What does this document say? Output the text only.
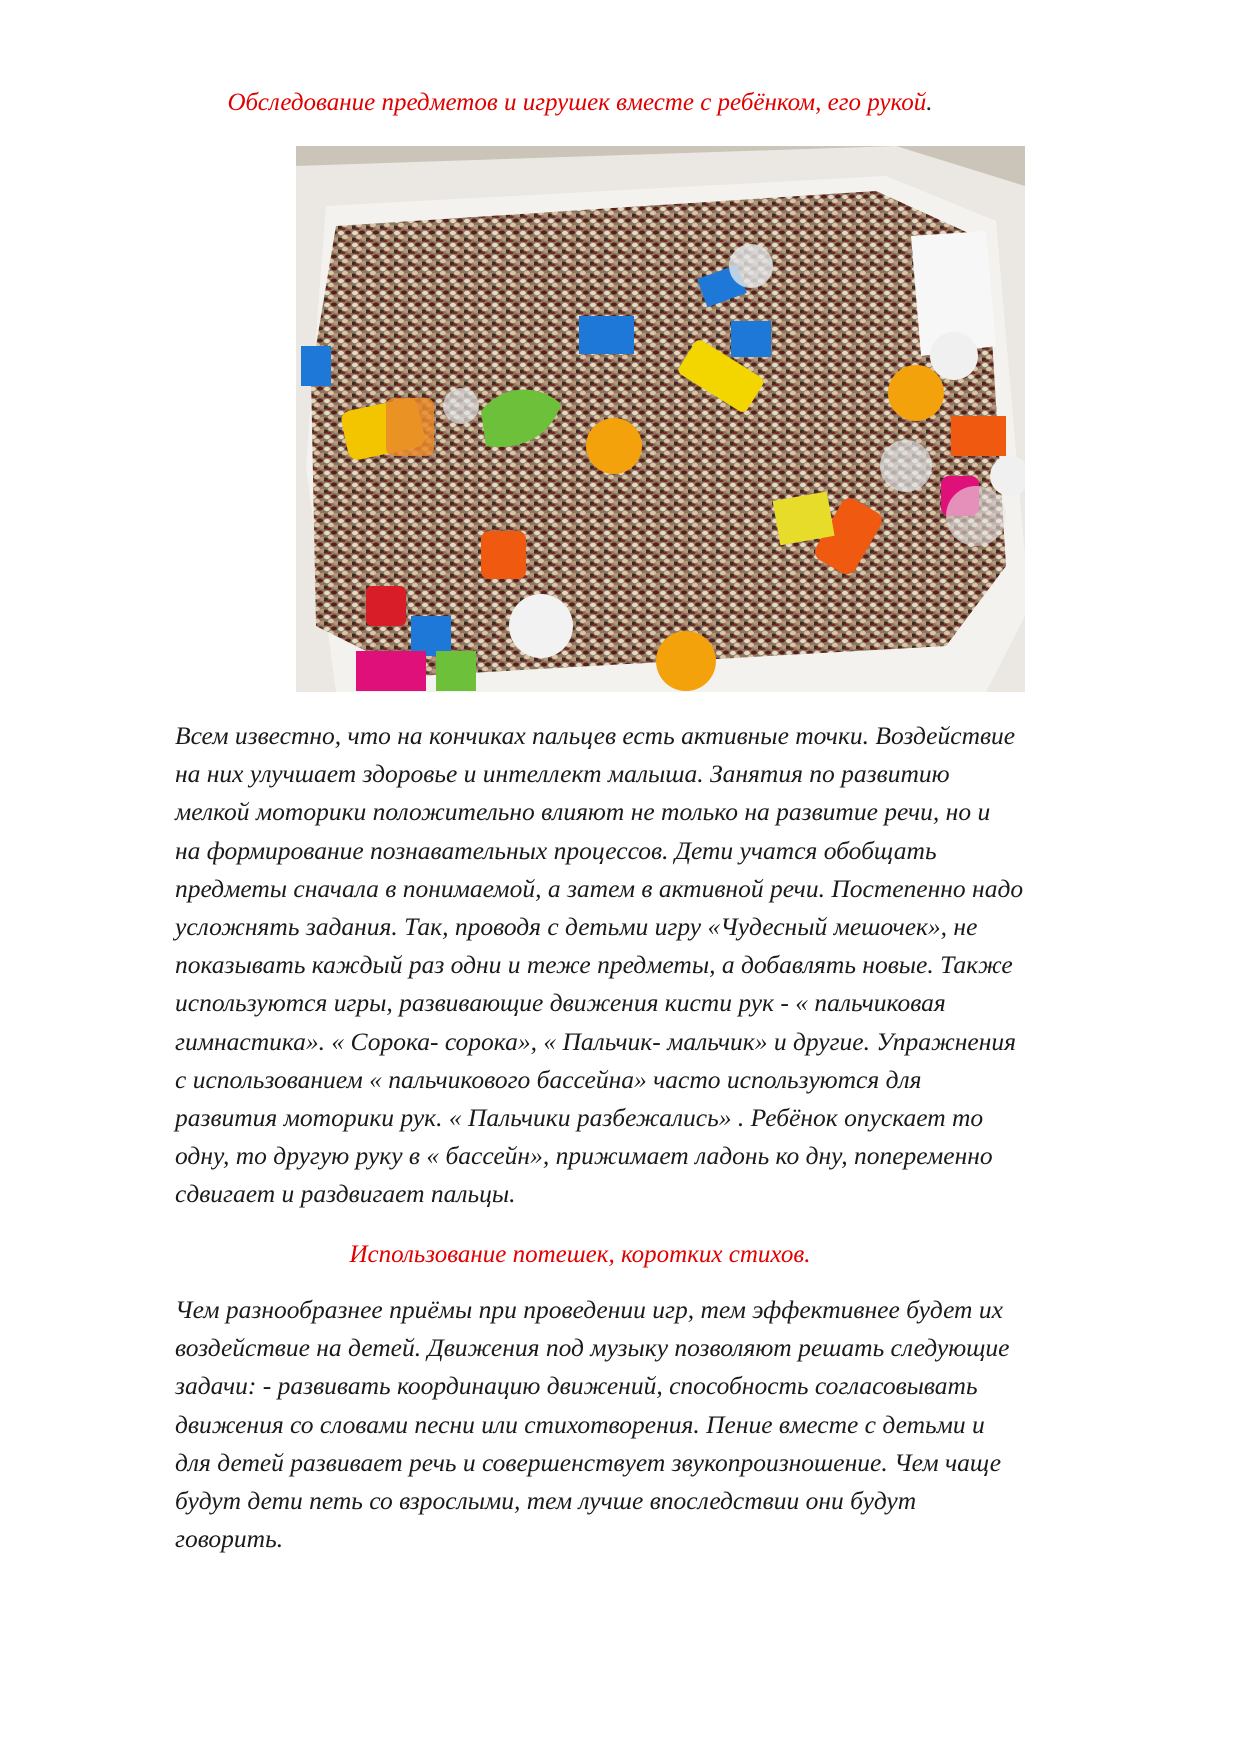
Обследование предметов и игрушек вместе с ребёнком, его рукой.

Всем известно, что на кончиках пальцев есть активные точки. Воздействие
на них улучшает здоровье и интеллект малыша. Занятия по развитию
мелкой моторики положительно влияют не только на развитие речи, но и
на формирование познавательных процессов. Дети учатся обобщать
предметы сначала в понимаемой, а затем в активной речи. Постепенно надо
усложнять задания. Так, проводя с детьми игру «Чудесный мешочек», не
показывать каждый раз одни и теже предметы, а добавлять новые. Также
используются игры, развивающие движения кисти рук - « пальчиковая
гимнастика». « Сорока- сорока», « Пальчик- мальчик» и другие. Упражнения
с использованием « пальчикового бассейна» часто используются для
развития моторики рук. « Пальчики разбежались» . Ребёнок опускает то
одну, то другую руку в « бассейн», прижимает ладонь ко дну, попеременно
сдвигает и раздвигает пальцы.

Использование потешек, коротких стихов.

Чем разнообразнее приёмы при проведении игр, тем эффективнее будет их
воздействие на детей. Движения под музыку позволяют решать следующие
задачи: - развивать координацию движений, способность согласовывать
движения со словами песни или стихотворения. Пение вместе с детьми и
для детей развивает речь и совершенствует звукопроизношение. Чем чаще
будут дети петь со взрослыми, тем лучше впоследствии они будут
говорить.
